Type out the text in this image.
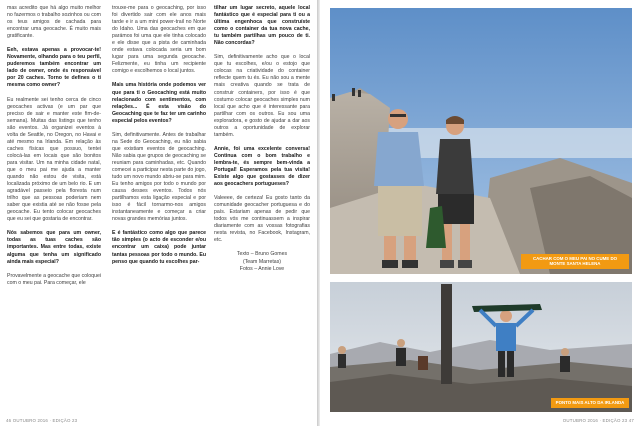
mas acredito que há algo muito melhor no fazermos o trabalho sozinhos ou com os teus amigos de cachada para encontrar uma geocache. É muito mais gratificante.

Eeh, estava apenas a provocar-te! Novamente, olhando para o teu perfil, puderemos também encontrar um lado de owner, onde és responsável por 20 caches. Torno te defines o ti mesma como owner?

Eu realmente sei tenho cerca de cinco geocaches activas (e um par que preciso de sair e manter este fim-de-semana). Muitas das listings que tenho são eventos. Já organizei eventos à volta de Seattle, no Oregon, no Havai e até mesmo na Irlanda. Em relação às caches físicas que possuo, tentei colocá-las em locais que são bonitos para visitar. Um na minha cidade natal, que o meu pai me ajuda a manter quando não estou de visita, está localizada próximo de um belo rio. E um agradável passeio pela floresta num trilho que as pessoas poderiam nem saber que existia até se não fosse pela geocache. Eu tento colocar geocaches que eu sei que gostaria de encontrar.

Nós sabemos que para um owner, todas as tuas caches são importantes. Mas entre todas, existe alguma que tenha um significado ainda mais especial?

Provavelmente a geocache que coloquei com o meu pai. Para começar, ele

trouxe-me para o geocaching, por isso foi divertido sair com ele anos mais tarde e ir a um mini power-trail no Norte do Idaho. Uma das geocaches em que parámos foi uma que ele tinha colocado e ele disse que a pista de caminhada onde estava colocada seria um bom lugar para uma segunda geocache. Felizmente, eu tinha um recipiente comigo e escolhemos o local juntos.

Mais uma história onde podemos ver que para ti o Geocaching está muito relacionado com sentimentos, com relações... É esta visão do Geocaching que te faz ter um carinho especial pelos eventos?

Sim, definitivamente. Antes de trabalhar na Sede do Geocaching, eu não sabia que existiam eventos de geocaching. Não sabia que grupos de geocaching se reuniam para caminhadas, etc. Quando comecei a participar nesta parte do jogo, tudo um novo mundo abriu-se para mim. Eu tenho amigos por todo o mundo por causa desses eventos. Todos nós partilhamos esta ligação especial e por isso é fácil tornarmo-nos amigos instantaneamente e começar a criar novas grandes memórias juntos.

E é fantástico como algo que parece tão simples (o acto de esconder e/ou encontrar um caixa) pode juntar tantas pessoas por todo o mundo. Eu penso que quando tu escolhes par-

tilhar um lugar secreto, aquele local fantástico que é especial para ti ou a última engenhoca que construíste como o container da tua nova cache, tu também partilhas um pouco de ti. Não concordas?

Sim, definitivamente acho que o local que tu escolhes, e/ou o estojo que colocas na criatividade do container reflecte quem tu és. Eu não sou a mente mais creativa quando se trata de construir containers, por isso é que costumo colocar geocaches simples num local que acho que é interessante para partilhar com os outros. Eu sou uma exploradora, e gosto de ajudar a dar aos outros a oportunidade de explorar também.

Annie, foi uma excelente conversa! Continua com o bom trabalho e lembra-te, és sempre bem-vinda a Portugal! Esperamos pela tua visita! Existe algo que gostasses de dizer aos geocachers portugueses?

Valeeee, de certeza! Eu gosto tanto da comunidade geocacher portuguesa e do país. Estariam apenas de pedir que todos vós me continuassem a inspirar diariamente com as vossas fotografias nesta revista, no Facebook, Instagram, etc.

Texto – Bruno Gomes

(Team Marretas)

Fotos – Annie Love

46 OUTUBRO 2016 · EDIÇÃO 23	OUTUBRO 2016 · EDIÇÃO 23 47
CACHAR COM O MEU PAI NO CUME DO MONTE SANTA HELENA
PONTO MAIS ALTO DA IRLANDA
